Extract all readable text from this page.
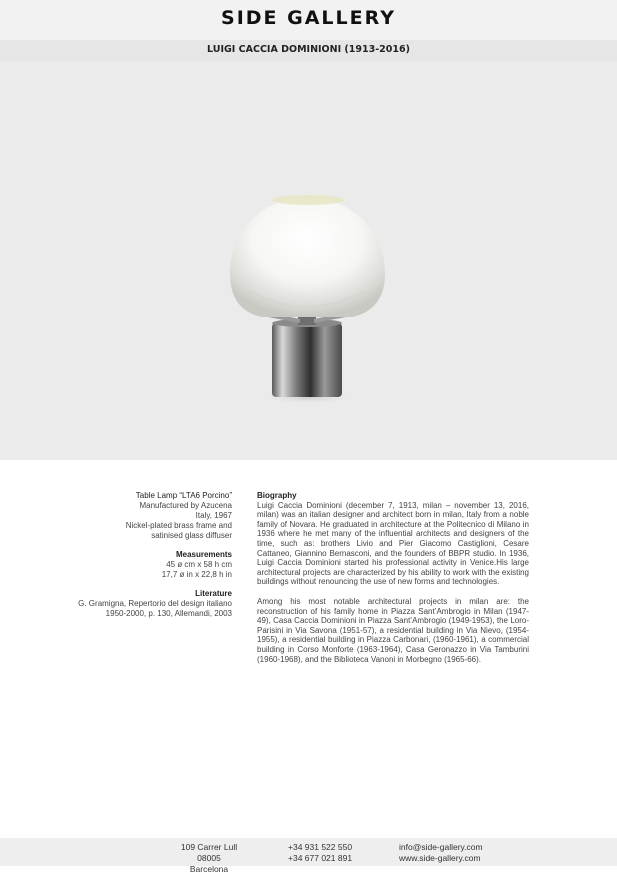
SIDE GALLERY
LUIGI CACCIA DOMINIONI (1913-2016)
Table Lamp “LTA6 Porcino”
Manufactured by Azucena
Italy, 1967
Nickel-plated brass frame and
satinised glass diffuser
Measurements
45 ø cm x 58 h cm
17,7 ø in x 22,8 h in
Literature
G. Gramigna, Repertorio del design italiano
1950-2000, p. 130, Allemandi, 2003
Biography

Luigi Caccia Dominioni (december 7, 1913, milan – november 13, 2016, milan) was an italian designer and architect born in milan, Italy from a noble family of Novara. He graduated in architecture at the Politecnico di Milano in 1936 where he met many of the influential architects and designers of the time, such as: brothers Livio and Pier Giacomo Castiglioni, Cesare Cattaneo, Giannino Bernasconi, and the founders of BBPR studio. In 1936, Luigi Caccia Dominioni started his professional activity in Venice.His large architectural projects are characterized by his ability to work with the existing buildings without renouncing the use of new forms and technologies.

Among his most notable architectural projects in milan are: the reconstruction of his family home in Piazza Sant’Ambrogio in Milan (1947-49), Casa Caccia Dominioni in Piazza Sant’Ambrogio (1949-1953), the Loro-Parisini in Via Savona (1951-57), a residential building in Via Nievo, (1954-1955), a residential building in Piazza Carbonari, (1960-1961), a commercial building in Corso Monforte (1963-1964), Casa Geronazzo in Via Tamburini (1960-1968), and the Biblioteca Vanoni in Morbegno (1965-66).

109 Carrer Lull
08005 Barcelona
+34 931 522 550
+34 677 021 891
info@side-gallery.com
www.side-gallery.com
